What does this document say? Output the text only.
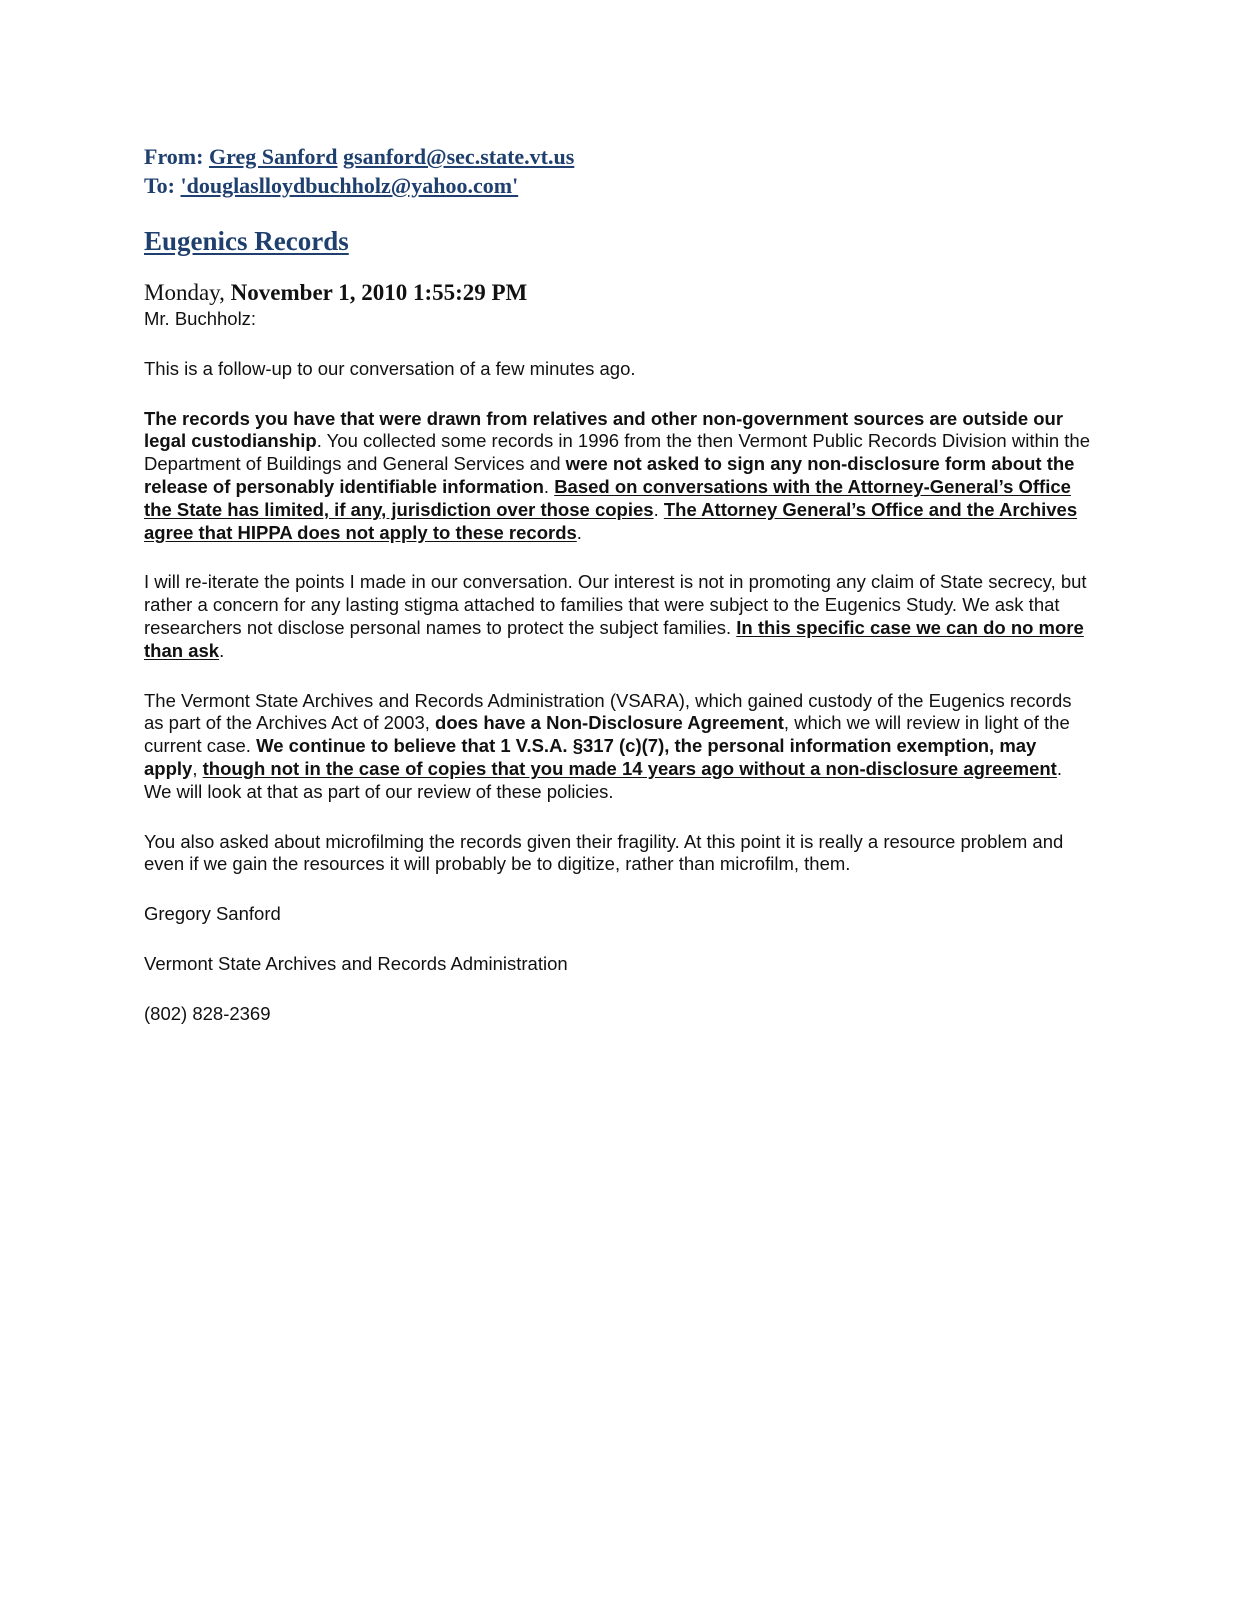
From: Greg Sanford gsanford@sec.state.vt.us
To: 'douglaslloydbuchholz@yahoo.com'
Eugenics Records
Monday, November 1, 2010 1:55:29 PM

Mr. Buchholz:

This is a follow-up to our conversation of a few minutes ago.

The records you have that were drawn from relatives and other non-government sources are outside our legal custodianship. You collected some records in 1996 from the then Vermont Public Records Division within the Department of Buildings and General Services and were not asked to sign any non-disclosure form about the release of personably identifiable information. Based on conversations with the Attorney-General’s Office the State has limited, if any, jurisdiction over those copies. The Attorney General’s Office and the Archives agree that HIPPA does not apply to these records.

I will re-iterate the points I made in our conversation. Our interest is not in promoting any claim of State secrecy, but rather a concern for any lasting stigma attached to families that were subject to the Eugenics Study. We ask that researchers not disclose personal names to protect the subject families. In this specific case we can do no more than ask.

The Vermont State Archives and Records Administration (VSARA), which gained custody of the Eugenics records as part of the Archives Act of 2003, does have a Non-Disclosure Agreement, which we will review in light of the current case. We continue to believe that 1 V.S.A. §317 (c)(7), the personal information exemption, may apply, though not in the case of copies that you made 14 years ago without a non-disclosure agreement. We will look at that as part of our review of these policies.

You also asked about microfilming the records given their fragility. At this point it is really a resource problem and even if we gain the resources it will probably be to digitize, rather than microfilm, them.

Gregory Sanford

Vermont State Archives and Records Administration

(802) 828-2369
